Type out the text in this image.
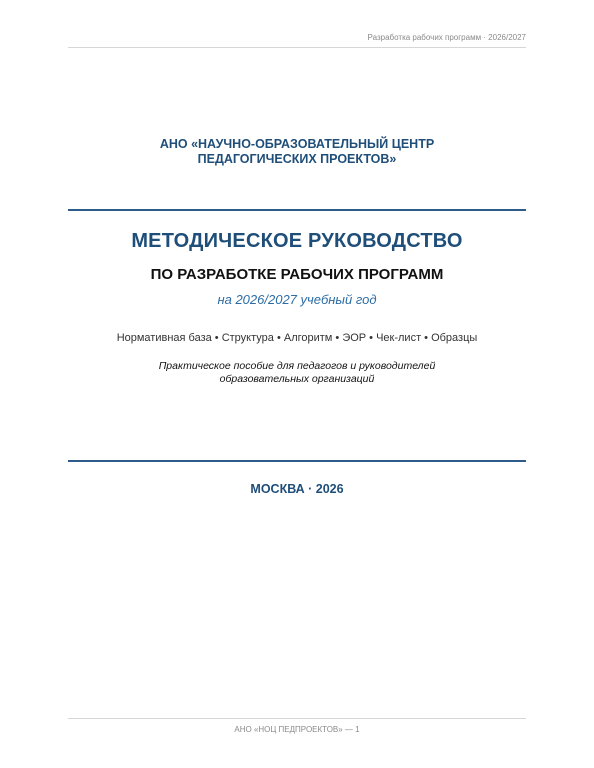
Разработка рабочих программ · 2026/2027
АНО «НАУЧНО-ОБРАЗОВАТЕЛЬНЫЙ ЦЕНТР
ПЕДАГОГИЧЕСКИХ ПРОЕКТОВ»
МЕТОДИЧЕСКОЕ РУКОВОДСТВО
ПО РАЗРАБОТКЕ РАБОЧИХ ПРОГРАММ
на 2026/2027 учебный год
Нормативная база • Структура • Алгоритм • ЭОР • Чек-лист • Образцы
Практическое пособие для педагогов и руководителей
образовательных организаций
МОСКВА · 2026
АНО «НОЦ ПЕДПРОЕКТОВ» — 1
